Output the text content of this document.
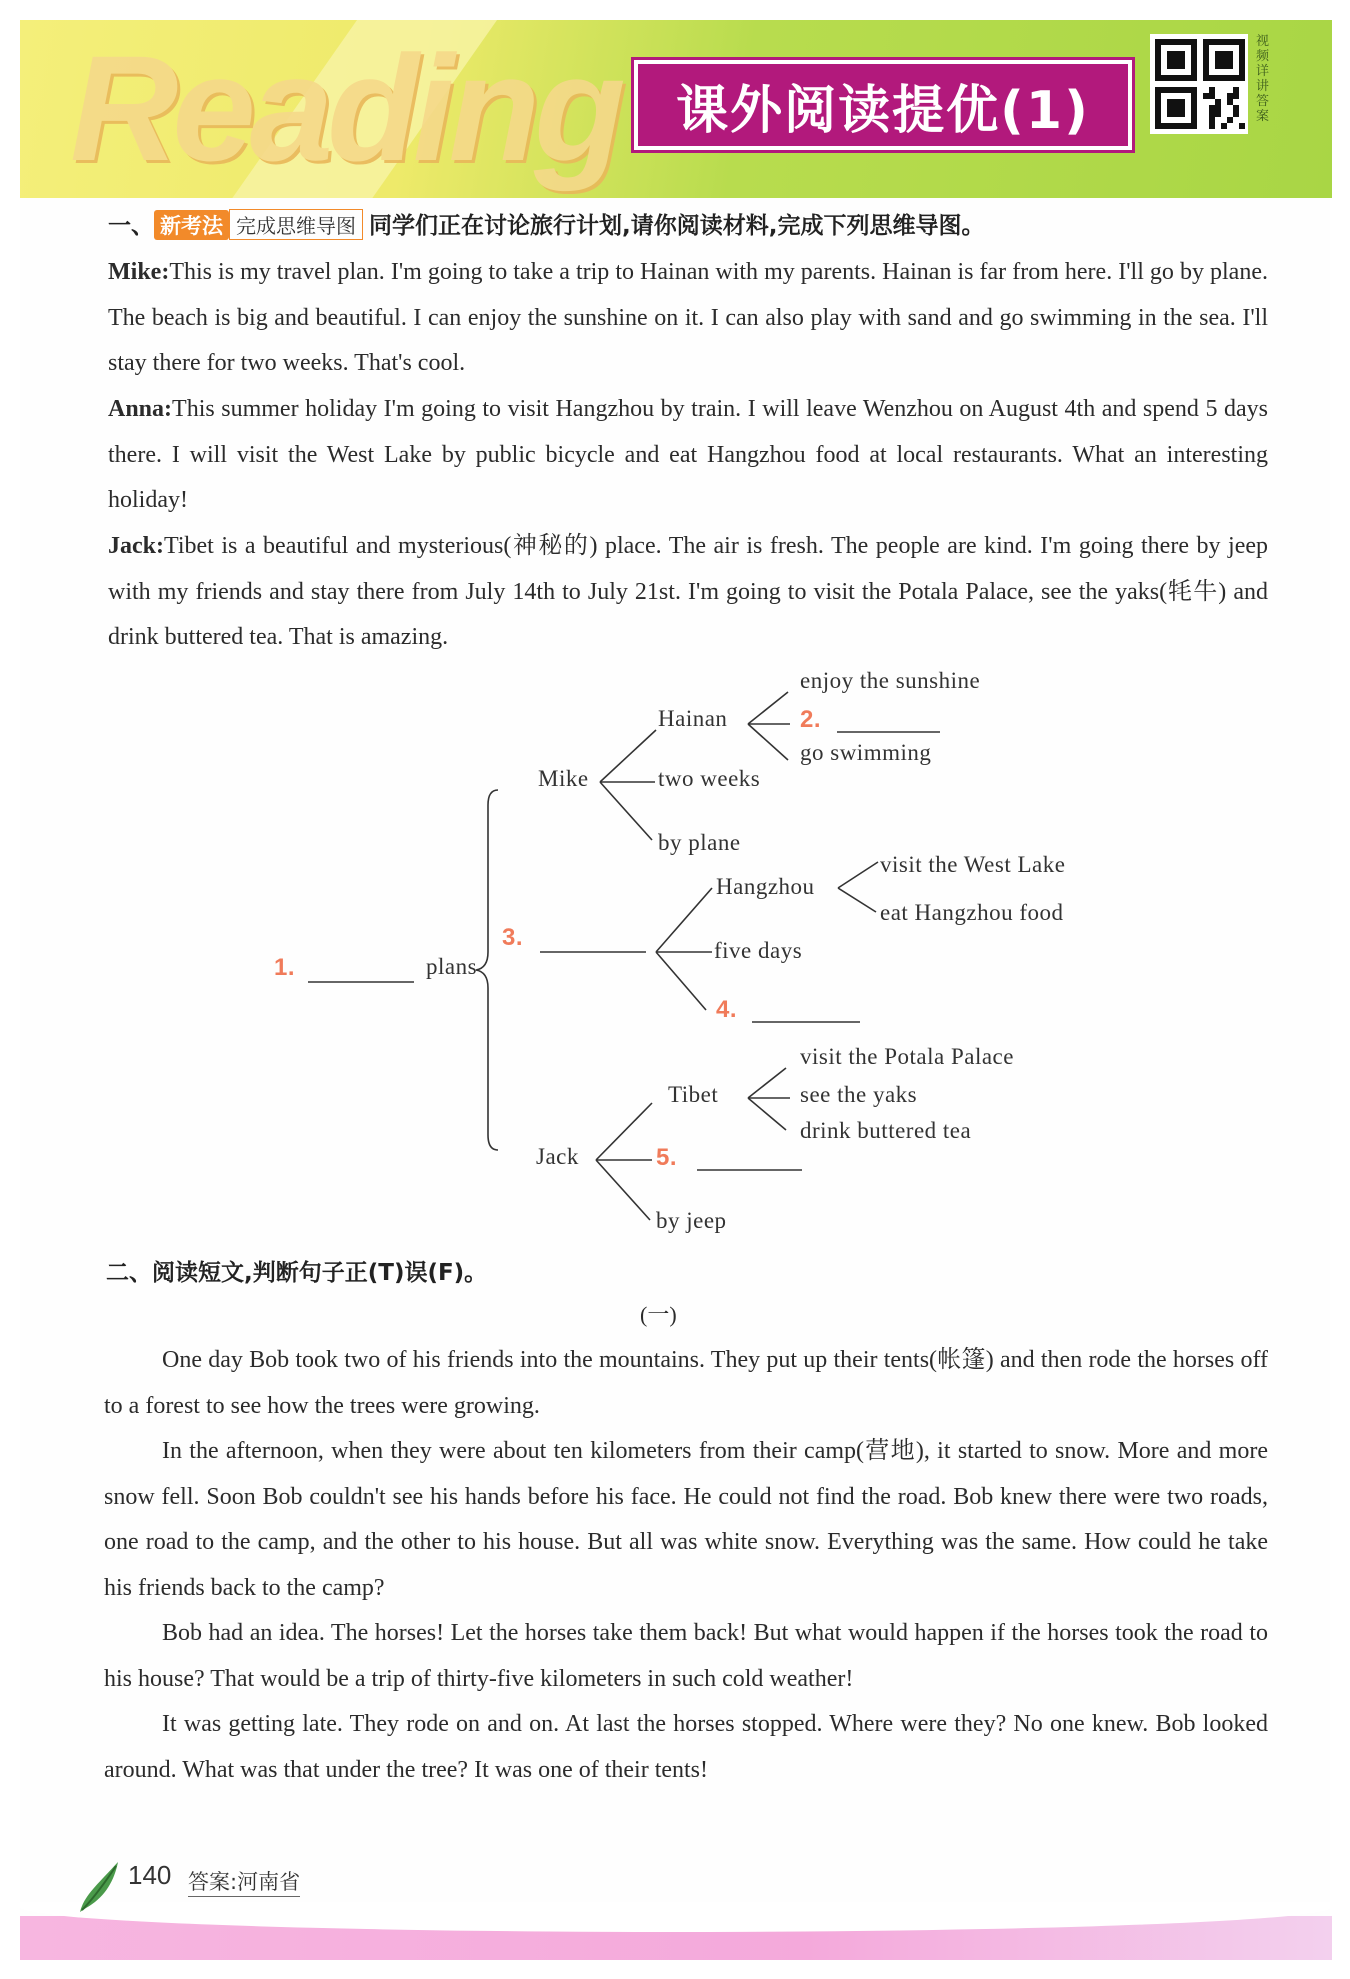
Reading 课外阅读提优(1)
视频详讲答案
一、 新考法 完成思维导图 同学们正在讨论旅行计划,请你阅读材料,完成下列思维导图。
Mike:This is my travel plan. I'm going to take a trip to Hainan with my parents. Hainan is far from here. I'll go by plane. The beach is big and beautiful. I can enjoy the sunshine on it. I can also play with sand and go swimming in the sea. I'll stay there for two weeks. That's cool.
Anna:This summer holiday I'm going to visit Hangzhou by train. I will leave Wenzhou on August 4th and spend 5 days there. I will visit the West Lake by public bicycle and eat Hangzhou food at local restaurants. What an interesting holiday!
Jack:Tibet is a beautiful and mysterious(神秘的) place. The air is fresh. The people are kind. I'm going there by jeep with my friends and stay there from July 14th to July 21st. I'm going to visit the Potala Palace, see the yaks(牦牛) and drink buttered tea. That is amazing.
1.	plans
Mike
Hainan
enjoy the sunshine
2.
go swimming
two weeks
by plane
3.
Hangzhou
visit the West Lake
eat Hangzhou food
five days
4.
Tibet
visit the Potala Palace
see the yaks
drink buttered tea
Jack	5.
by jeep
二、阅读短文,判断句子正(T)误(F)。
(一)

One day Bob took two of his friends into the mountains. They put up their tents(帐篷) and then rode the horses off to a forest to see how the trees were growing.

In the afternoon, when they were about ten kilometers from their camp(营地), it started to snow. More and more snow fell. Soon Bob couldn't see his hands before his face. He could not find the road. Bob knew there were two roads, one road to the camp, and the other to his house. But all was white snow. Everything was the same. How could he take his friends back to the camp?

Bob had an idea. The horses! Let the horses take them back! But what would happen if the horses took the road to his house? That would be a trip of thirty-five kilometers in such cold weather!

It was getting late. They rode on and on. At last the horses stopped. Where were they? No one knew. Bob looked around. What was that under the tree? It was one of their tents!

140 答案:河南省
